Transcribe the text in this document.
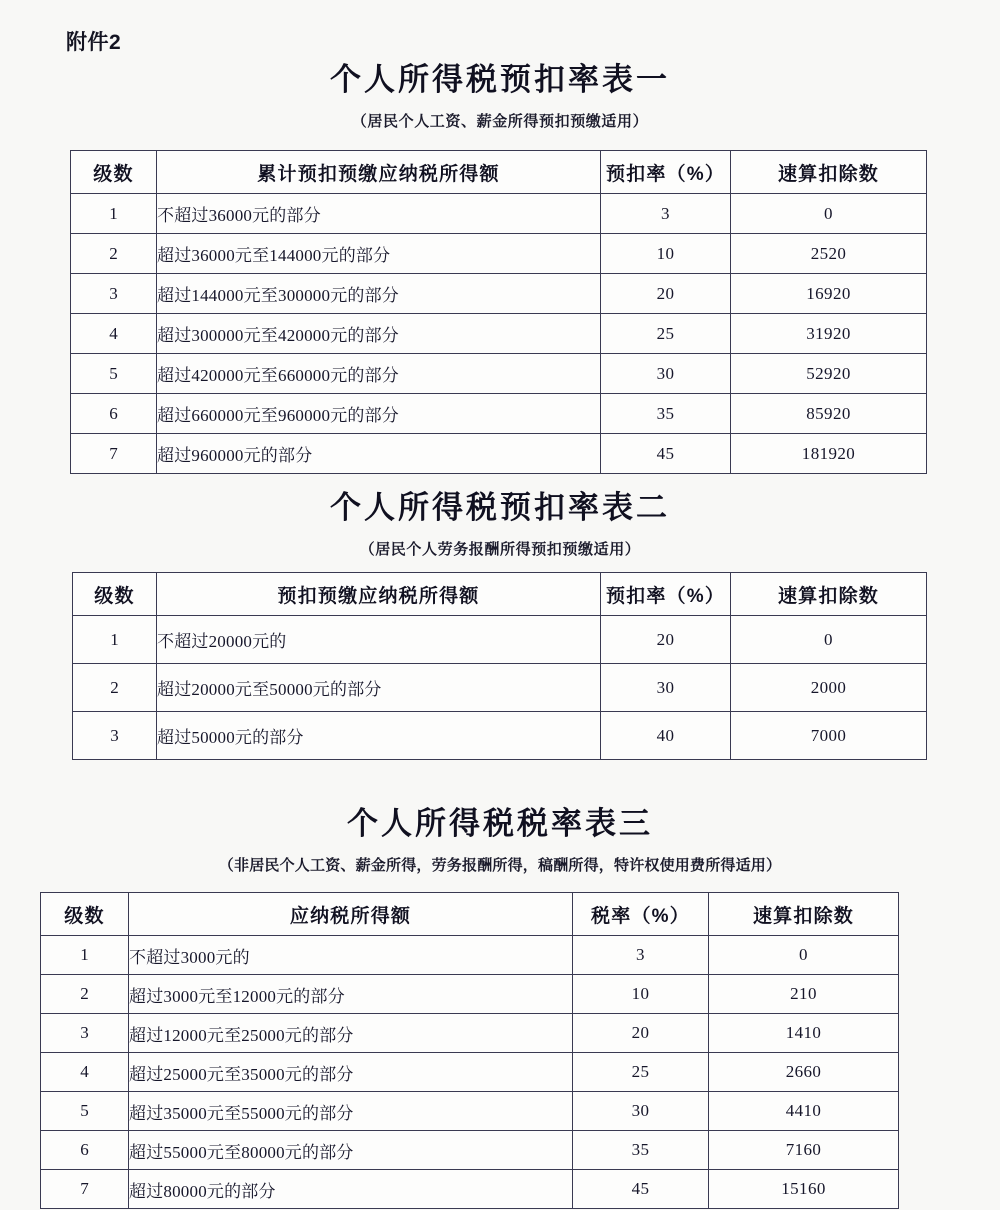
附件2
个人所得税预扣率表一
（居民个人工资、薪金所得预扣预缴适用）
级数	累计预扣预缴应纳税所得额	预扣率（%）	速算扣除数
1	不超过36000元的部分	3	0
2	超过36000元至144000元的部分	10	2520
3	超过144000元至300000元的部分	20	16920
4	超过300000元至420000元的部分	25	31920
5	超过420000元至660000元的部分	30	52920
6	超过660000元至960000元的部分	35	85920
7	超过960000元的部分	45	181920
个人所得税预扣率表二
（居民个人劳务报酬所得预扣预缴适用）
级数	预扣预缴应纳税所得额	预扣率（%）	速算扣除数
1	不超过20000元的	20	0
2	超过20000元至50000元的部分	30	2000
3	超过50000元的部分	40	7000
个人所得税税率表三
（非居民个人工资、薪金所得，劳务报酬所得，稿酬所得，特许权使用费所得适用）
级数	应纳税所得额	税率（%）	速算扣除数
1	不超过3000元的	3	0
2	超过3000元至12000元的部分	10	210
3	超过12000元至25000元的部分	20	1410
4	超过25000元至35000元的部分	25	2660
5	超过35000元至55000元的部分	30	4410
6	超过55000元至80000元的部分	35	7160
7	超过80000元的部分	45	15160
